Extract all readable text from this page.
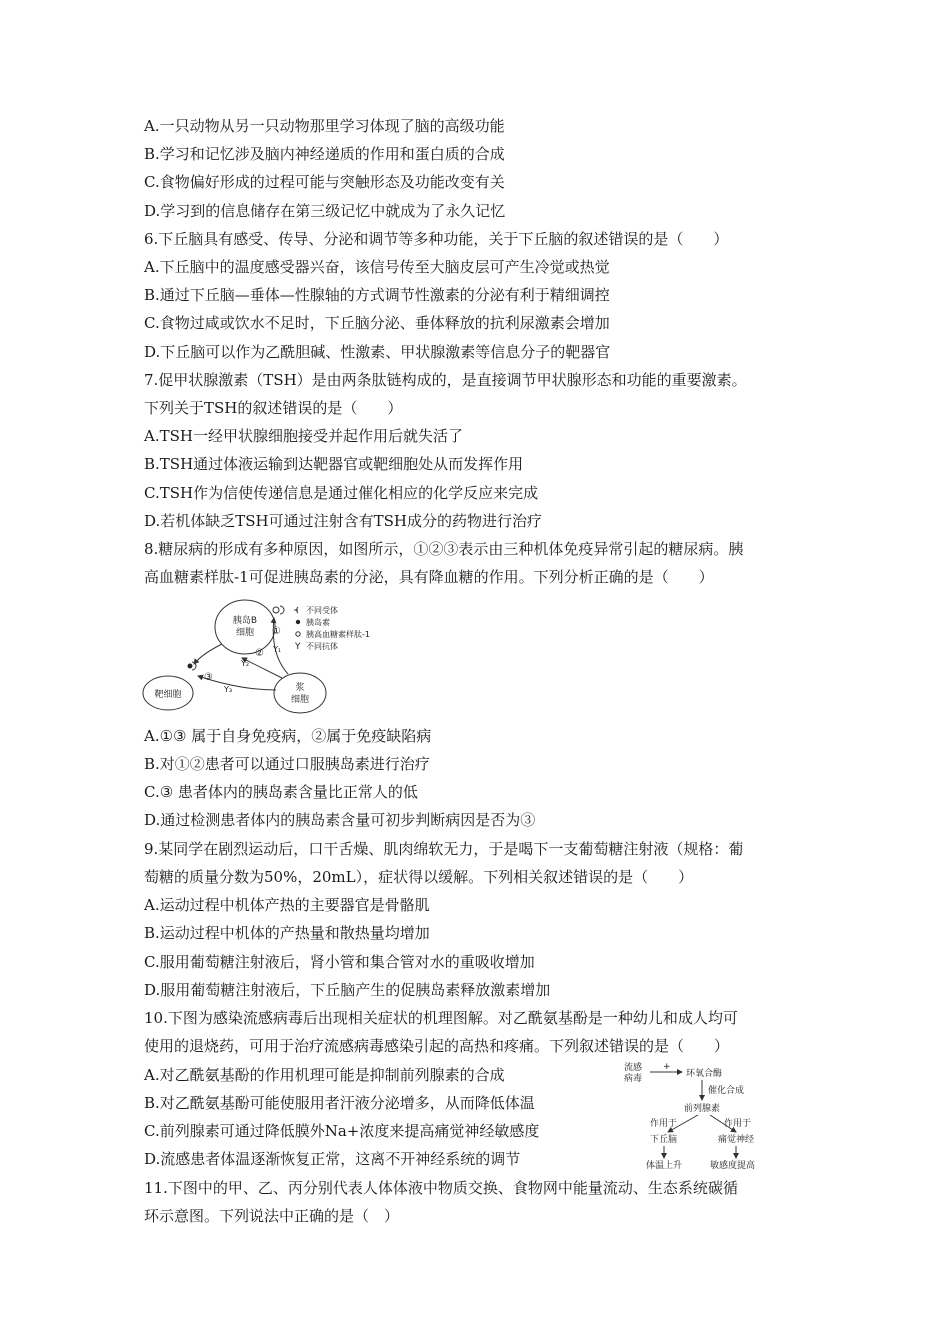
A.一只动物从另一只动物那里学习体现了脑的高级功能
B.学习和记忆涉及脑内神经递质的作用和蛋白质的合成
C.食物偏好形成的过程可能与突触形态及功能改变有关
D.学习到的信息储存在第三级记忆中就成为了永久记忆
6.下丘脑具有感受、传导、分泌和调节等多种功能，关于下丘脑的叙述错误的是（　　）
A.下丘脑中的温度感受器兴奋，该信号传至大脑皮层可产生冷觉或热觉
B.通过下丘脑—垂体—性腺轴的方式调节性激素的分泌有利于精细调控
C.食物过咸或饮水不足时，下丘脑分泌、垂体释放的抗利尿激素会增加
D.下丘脑可以作为乙酰胆碱、性激素、甲状腺激素等信息分子的靶器官
7.促甲状腺激素（TSH）是由两条肽链构成的，是直接调节甲状腺形态和功能的重要激素。
下列关于TSH的叙述错误的是（　　）
A.TSH一经甲状腺细胞接受并起作用后就失活了
B.TSH通过体液运输到达靶器官或靶细胞处从而发挥作用
C.TSH作为信使传递信息是通过催化相应的化学反应来完成
D.若机体缺乏TSH可通过注射含有TSH成分的药物进行治疗
8.糖尿病的形成有多种原因，如图所示，①②③表示由三种机体免疫异常引起的糖尿病。胰
高血糖素样肽-1可促进胰岛素的分泌，具有降血糖的作用。下列分析正确的是（　　）
胰岛B
细胞
靶细胞
浆
细胞
①
②
③
Y₁
Y₂
Y₃
不同受体
胰岛素
胰高血糖素样肽-1
Y 不同抗体
A.①③ 属于自身免疫病，②属于免疫缺陷病
B.对①②患者可以通过口服胰岛素进行治疗
C.③ 患者体内的胰岛素含量比正常人的低
D.通过检测患者体内的胰岛素含量可初步判断病因是否为③
9.某同学在剧烈运动后，口干舌燥、肌肉绵软无力，于是喝下一支葡萄糖注射液（规格：葡
萄糖的质量分数为50%，20mL），症状得以缓解。下列相关叙述错误的是（　　）
A.运动过程中机体产热的主要器官是骨骼肌
B.运动过程中机体的产热量和散热量均增加
C.服用葡萄糖注射液后，肾小管和集合管对水的重吸收增加
D.服用葡萄糖注射液后，下丘脑产生的促胰岛素释放激素增加
10.下图为感染流感病毒后出现相关症状的机理图解。对乙酰氨基酚是一种幼儿和成人均可
使用的退烧药，可用于治疗流感病毒感染引起的高热和疼痛。下列叙述错误的是（　　）
A.对乙酰氨基酚的作用机理可能是抑制前列腺素的合成
B.对乙酰氨基酚可能使服用者汗液分泌增多，从而降低体温
C.前列腺素可通过降低膜外Na+浓度来提高痛觉神经敏感度
D.流感患者体温逐渐恢复正常，这离不开神经系统的调节
流感
病毒
+
环氧合酶
催化合成
前列腺素
作用于	作用于
下丘脑	痛觉神经
体温上升	敏感度提高
11.下图中的甲、乙、丙分别代表人体体液中物质交换、食物网中能量流动、生态系统碳循
环示意图。下列说法中正确的是（　）
